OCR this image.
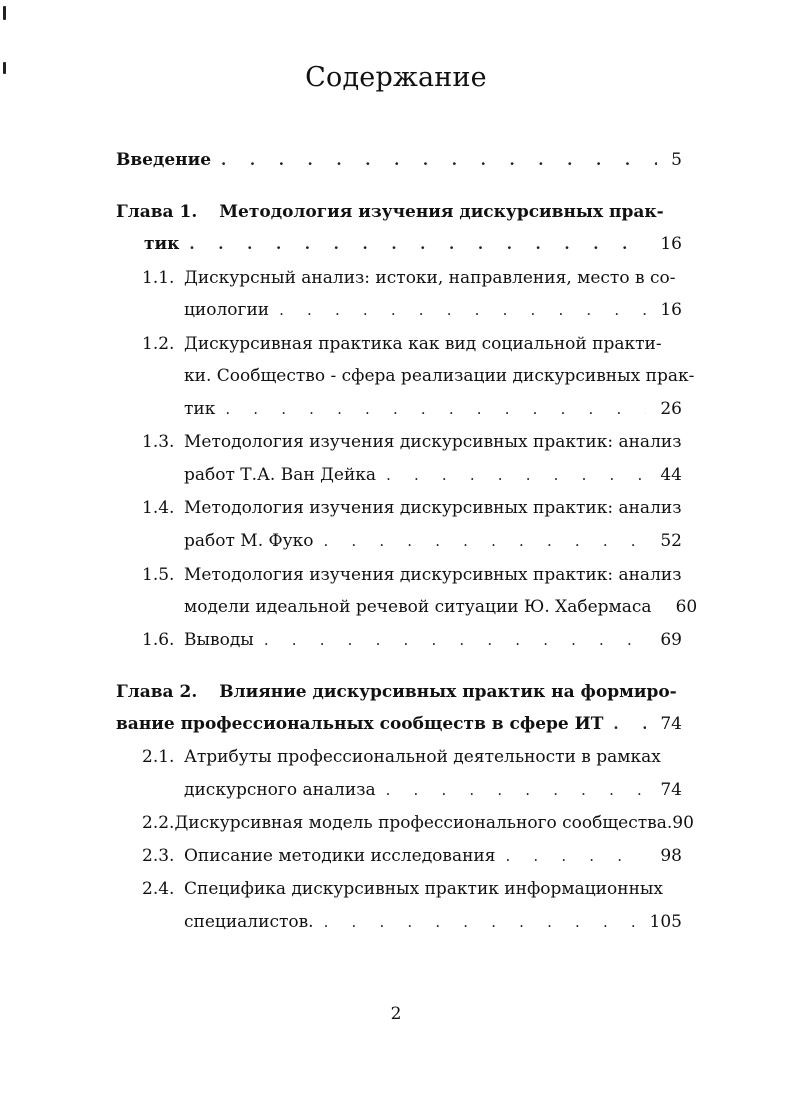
Содержание
Введение . . .	5
Глава 1. Методология изучения дискурсивных прак-
тик . . .	16
1.1. Дискурсный анализ: истоки, направления, место в со-
циологии . . .	16
1.2. Дискурсивная практика как вид социальной практи-
ки. Сообщество - сфера реализации дискурсивных прак-
тик . . .	26
1.3. Методология изучения дискурсивных практик: анализ
работ Т.А. Ван Дейка . . .	44
1.4. Методология изучения дискурсивных практик: анализ
работ М. Фуко . . .	52
1.5. Методология изучения дискурсивных практик: анализ
модели идеальной речевой ситуации Ю. Хабермаса 60
1.6. Выводы . . .	69
Глава 2. Влияние дискурсивных практик на формиро-
вание профессиональных сообществ в сфере ИТ . . .	74
2.1. Атрибуты профессиональной деятельности в рамках
дискурсного анализа . . .	74
2.2. Дискурсивная модель профессионального сообщества. 90
2.3. Описание методики исследования . . .	98
2.4. Специфика дискурсивных практик информационных
специалистов. . . .	105
2
